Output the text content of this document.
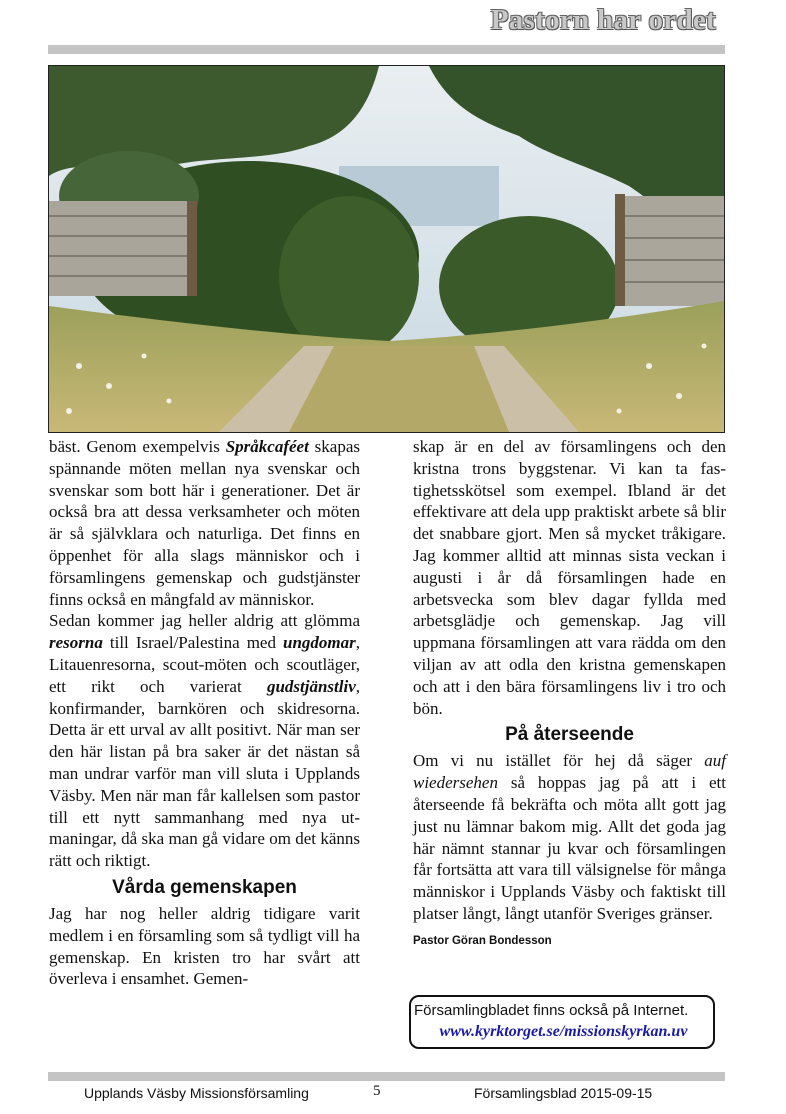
Pastorn har ordet

bäst. Genom exempelvis Språkcaféet skapas spännande möten mellan nya svenskar och svenskar som bott här i generationer. Det är också bra att dessa verksamheter och möten är så självklara och naturliga. Det finns en öppenhet för alla slags människor och i församlingens gemenskap och gudstjänster finns också en mångfald av människor.

Sedan kommer jag heller aldrig att glömma resorna till Israel/Palestina med ungdomar, Litauenresorna, scout-möten och scoutläger, ett rikt och varierat gudstjänstliv, konfirmander, barnkören och skidresorna. Detta är ett urval av allt positivt. När man ser den här listan på bra saker är det nästan så man undrar varför man vill sluta i Upplands Väsby. Men när man får kallelsen som pastor till ett nytt sammanhang med nya utmaningar, då ska man gå vidare om det känns rätt och riktigt.

Vårda gemenskapen

Jag har nog heller aldrig tidigare varit medlem i en församling som så tydligt vill ha gemenskap. En kristen tro har svårt att överleva i ensamhet. Gemen-

skap är en del av församlingens och den kristna trons byggstenar. Vi kan ta fastighetsskötsel som exempel. Ibland är det effektivare att dela upp praktiskt arbete så blir det snabbare gjort. Men så mycket tråkigare. Jag kommer alltid att minnas sista veckan i augusti i år då församlingen hade en arbetsvecka som blev dagar fyllda med arbetsglädje och gemenskap. Jag vill uppmana församlingen att vara rädda om den viljan av att odla den kristna gemenskapen och att i den bära församlingens liv i tro och bön.

På återseende

Om vi nu istället för hej då säger auf wiedersehen så hoppas jag på att i ett återseende få bekräfta och möta allt gott jag just nu lämnar bakom mig. Allt det goda jag här nämnt stannar ju kvar och församlingen får fortsätta att vara till välsignelse för många människor i Upplands Väsby och faktiskt till platser långt, långt utanför Sveriges gränser.

Pastor Göran Bondesson
Församlingbladet finns också på Internet.
www.kyrktorget.se/missionskyrkan.uv
Upplands Väsby Missionsförsamling	5	Församlingsblad 2015-09-15
